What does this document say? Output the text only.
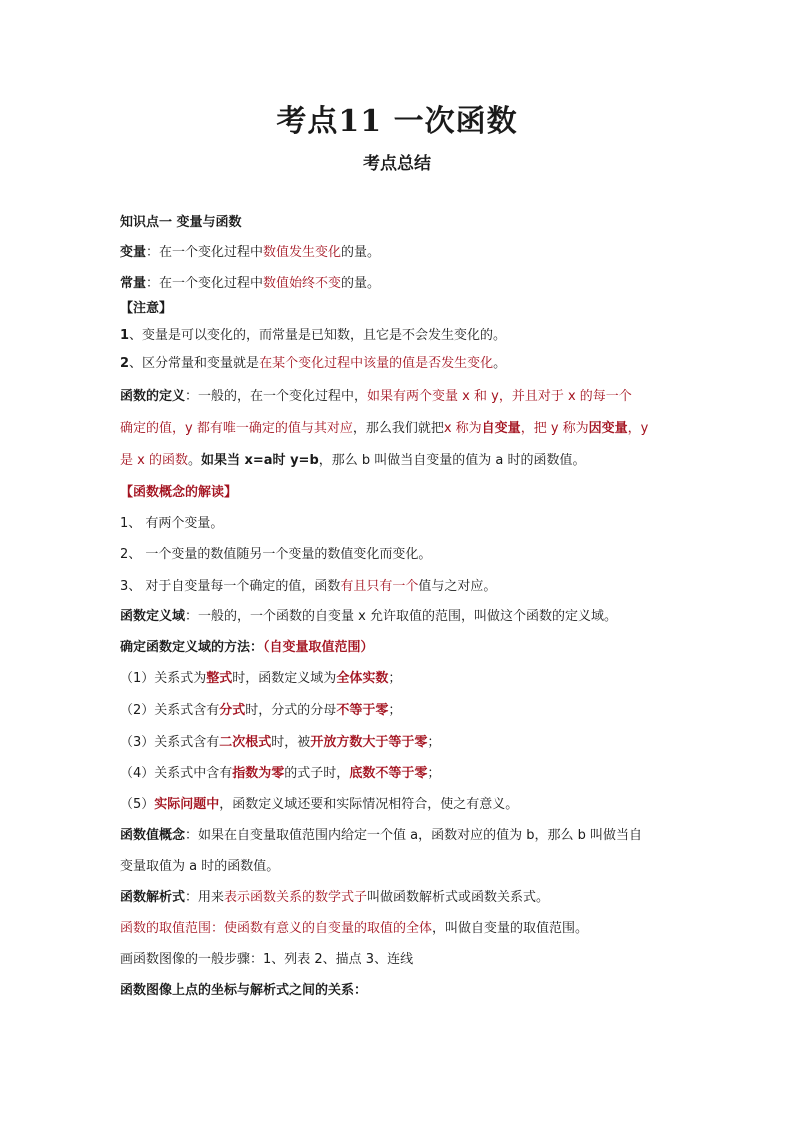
考点11 一次函数
考点总结
知识点一 变量与函数
变量：在一个变化过程中数值发生变化的量。
常量：在一个变化过程中数值始终不变的量。
【注意】
1、变量是可以变化的，而常量是已知数，且它是不会发生变化的。
2、区分常量和变量就是在某个变化过程中该量的值是否发生变化。
函数的定义：一般的，在一个变化过程中，如果有两个变量 x 和 y，并且对于 x 的每一个
确定的值，y 都有唯一确定的值与其对应，那么我们就把x 称为自变量，把 y 称为因变量，y
是 x 的函数。如果当 x=a时 y=b，那么 b 叫做当自变量的值为 a 时的函数值。
【函数概念的解读】
1、 有两个变量。
2、 一个变量的数值随另一个变量的数值变化而变化。
3、 对于自变量每一个确定的值，函数有且只有一个值与之对应。
函数定义域：一般的，一个函数的自变量 x 允许取值的范围，叫做这个函数的定义域。
确定函数定义域的方法：（自变量取值范围）
（1）关系式为整式时，函数定义域为全体实数；
（2）关系式含有分式时，分式的分母不等于零；
（3）关系式含有二次根式时，被开放方数大于等于零；
（4）关系式中含有指数为零的式子时，底数不等于零；
（5）实际问题中，函数定义域还要和实际情况相符合，使之有意义。
函数值概念：如果在自变量取值范围内给定一个值 a，函数对应的值为 b，那么 b 叫做当自
变量取值为 a 时的函数值。
函数解析式：用来表示函数关系的数学式子叫做函数解析式或函数关系式。
函数的取值范围：使函数有意义的自变量的取值的全体，叫做自变量的取值范围。
画函数图像的一般步骤：1、列表 2、描点 3、连线
函数图像上点的坐标与解析式之间的关系：
